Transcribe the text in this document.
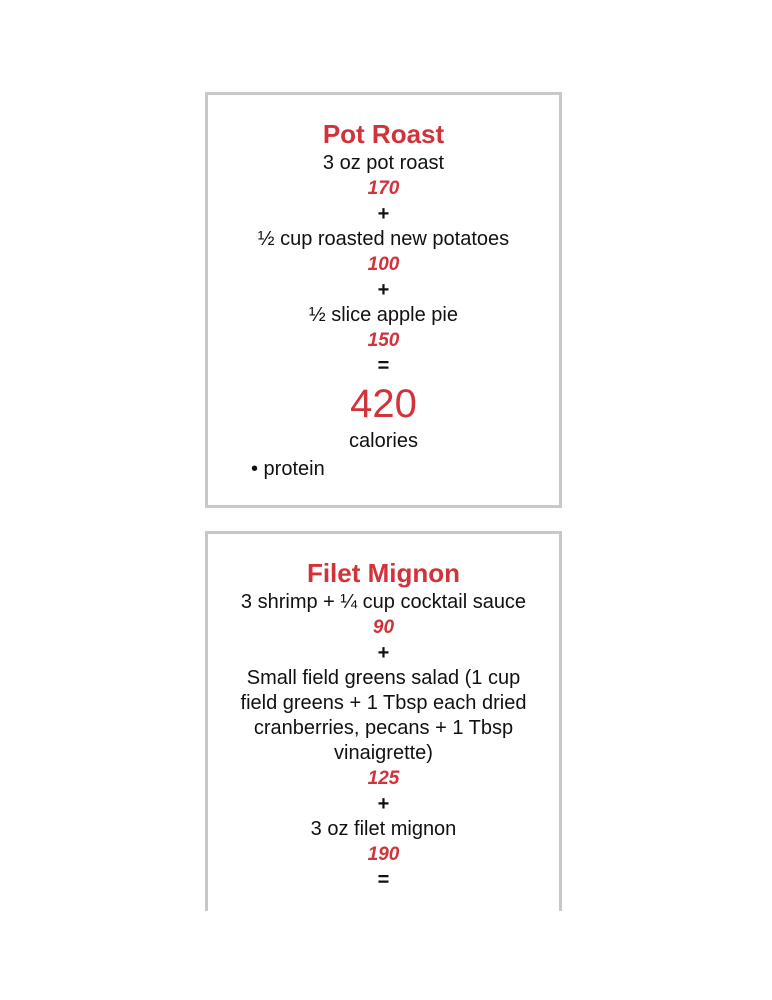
Pot Roast
3 oz pot roast
170
+
½ cup roasted new potatoes
100
+
½ slice apple pie
150
=
420
calories
• protein
Filet Mignon
3 shrimp + ¼ cup cocktail sauce
90
+
Small field greens salad (1 cup field greens + 1 Tbsp each dried cranberries, pecans + 1 Tbsp vinaigrette)
125
+
3 oz filet mignon
190
=
